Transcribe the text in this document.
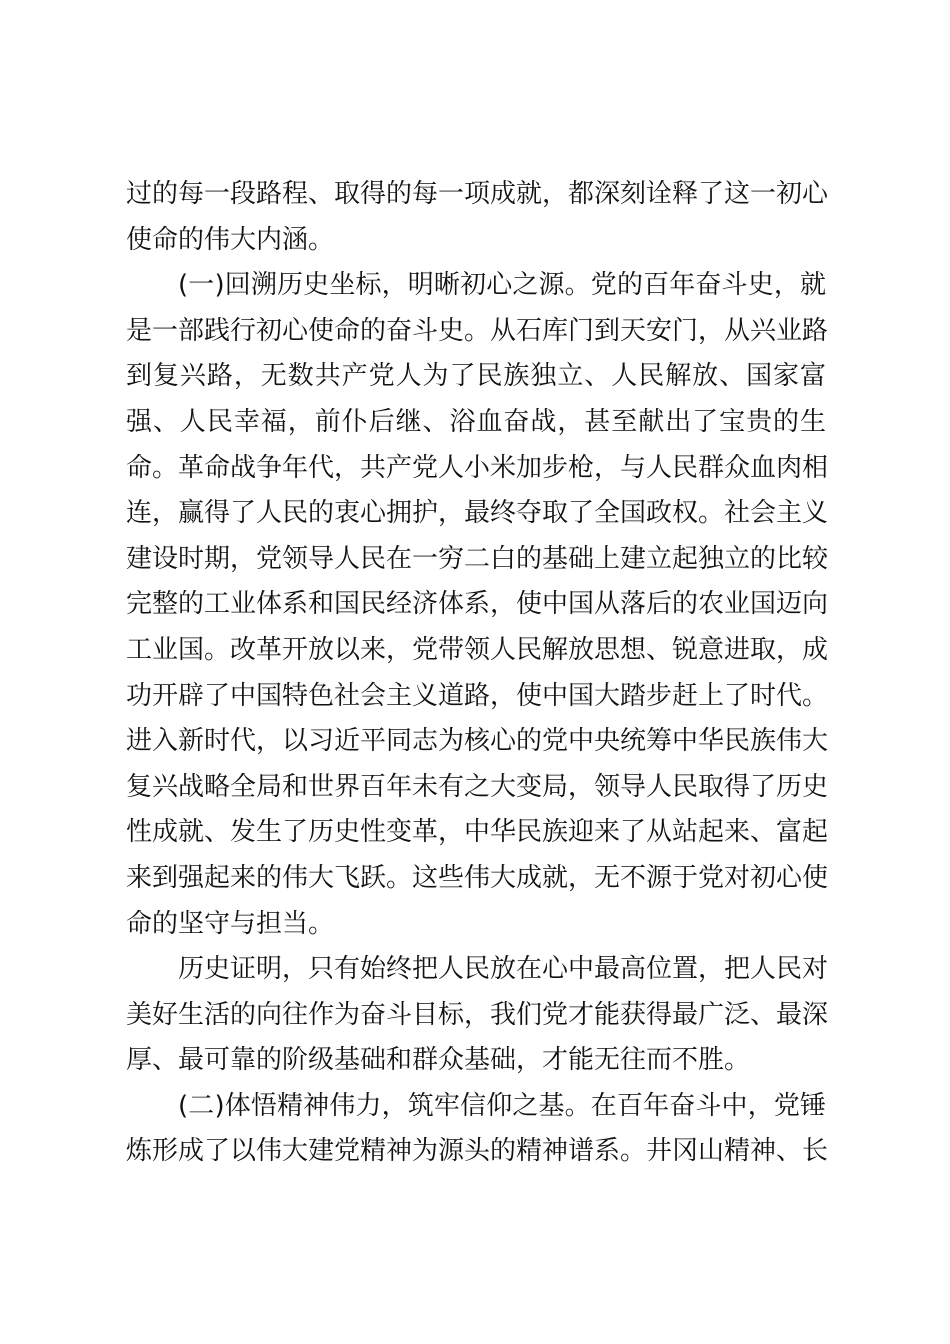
过的每一段路程、取得的每一项成就，都深刻诠释了这一初心
使命的伟大内涵。
(一)回溯历史坐标，明晰初心之源。党的百年奋斗史，就
是一部践行初心使命的奋斗史。从石库门到天安门，从兴业路
到复兴路，无数共产党人为了民族独立、人民解放、国家富
强、人民幸福，前仆后继、浴血奋战，甚至献出了宝贵的生
命。革命战争年代，共产党人小米加步枪，与人民群众血肉相
连，赢得了人民的衷心拥护，最终夺取了全国政权。社会主义
建设时期，党领导人民在一穷二白的基础上建立起独立的比较
完整的工业体系和国民经济体系，使中国从落后的农业国迈向
工业国。改革开放以来，党带领人民解放思想、锐意进取，成
功开辟了中国特色社会主义道路，使中国大踏步赶上了时代。
进入新时代，以习近平同志为核心的党中央统筹中华民族伟大
复兴战略全局和世界百年未有之大变局，领导人民取得了历史
性成就、发生了历史性变革，中华民族迎来了从站起来、富起
来到强起来的伟大飞跃。这些伟大成就，无不源于党对初心使
命的坚守与担当。
历史证明，只有始终把人民放在心中最高位置，把人民对
美好生活的向往作为奋斗目标，我们党才能获得最广泛、最深
厚、最可靠的阶级基础和群众基础，才能无往而不胜。
(二)体悟精神伟力，筑牢信仰之基。在百年奋斗中，党锤
炼形成了以伟大建党精神为源头的精神谱系。井冈山精神、长
